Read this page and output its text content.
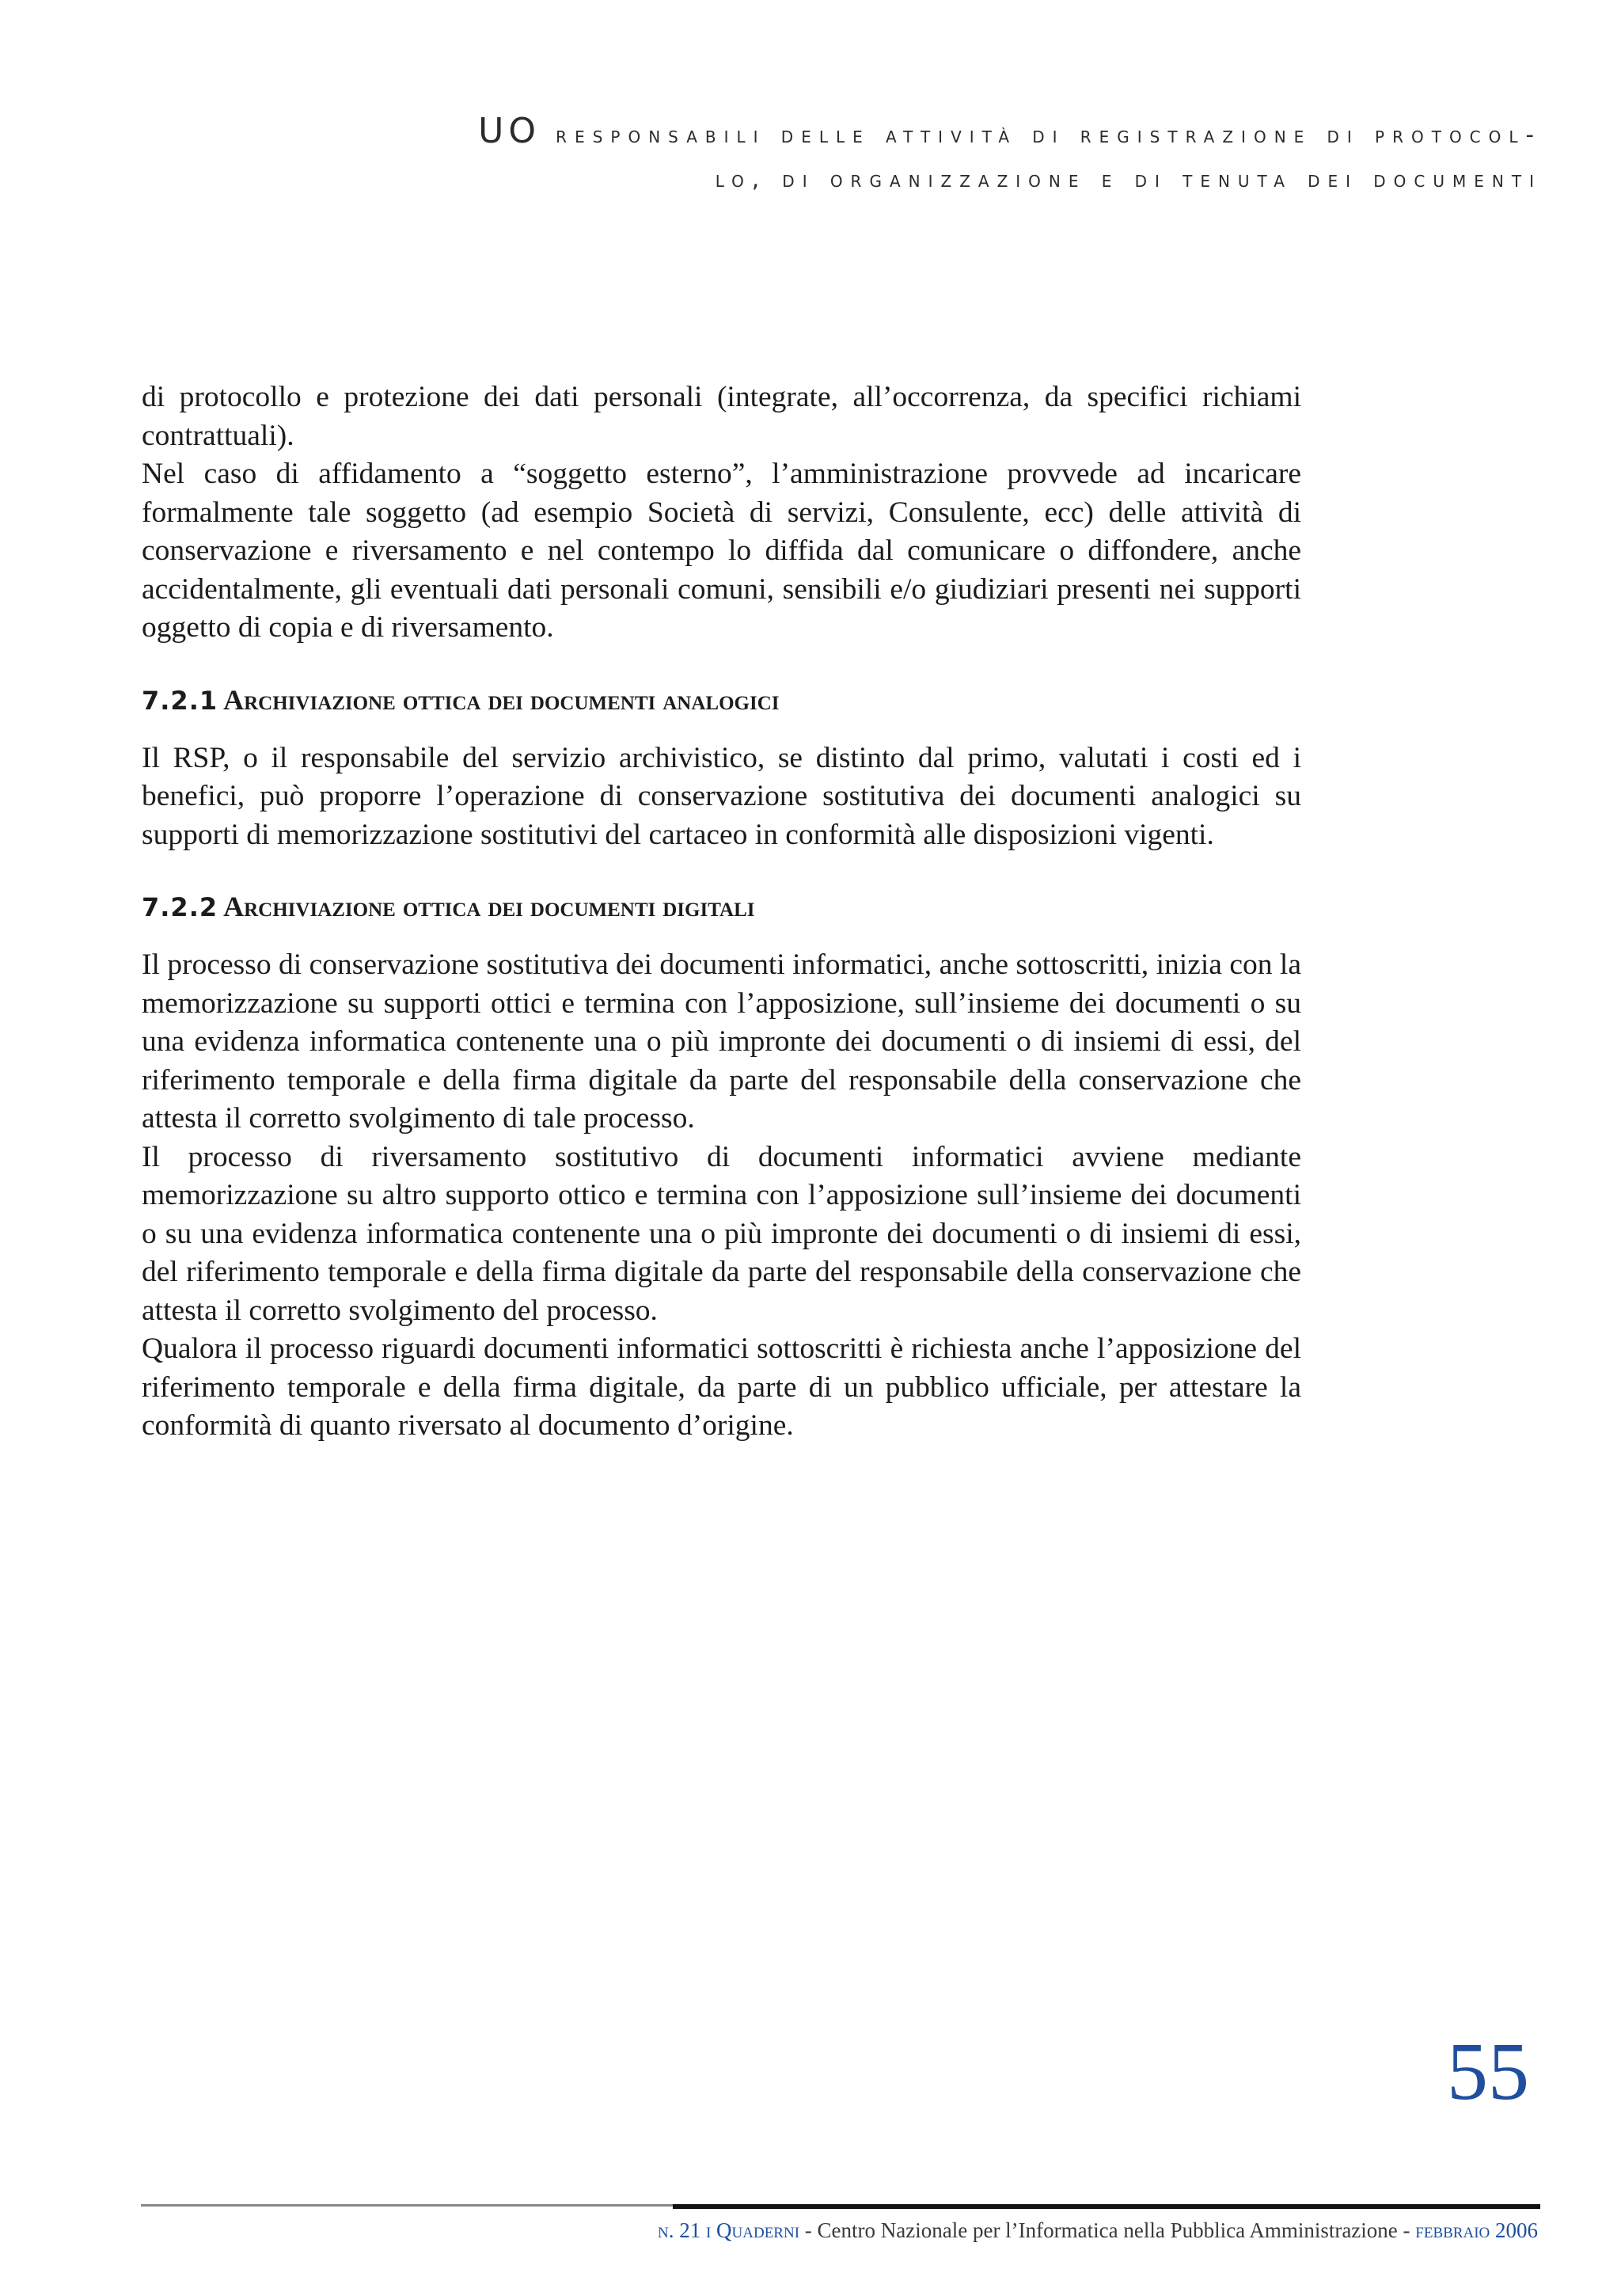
UO responsabili delle attività di registrazione di protocol-
lo, di organizzazione e di tenuta dei documenti

di protocollo e protezione dei dati personali (integrate, all’occorrenza, da specifici richiami contrattuali).

Nel caso di affidamento a “soggetto esterno”, l’amministrazione provvede ad incaricare formalmente tale soggetto (ad esempio Società di servizi, Consulente, ecc) delle attività di conservazione e riversamento e nel contempo lo diffida dal comunicare o diffondere, anche accidentalmente, gli eventuali dati personali comuni, sensibili e/o giudiziari presenti nei supporti oggetto di copia e di riversamento.

7.2.1 Archiviazione ottica dei documenti analogici

Il RSP, o il responsabile del servizio archivistico, se distinto dal primo, valutati i costi ed i benefici, può proporre l’operazione di conservazione sostitutiva dei documenti analogici su supporti di memorizzazione sostitutivi del cartaceo in conformità alle disposizioni vigenti.

7.2.2 Archiviazione ottica dei documenti digitali

Il processo di conservazione sostitutiva dei documenti informatici, anche sottoscritti, inizia con la memorizzazione su supporti ottici e termina con l’apposizione, sull’insieme dei documenti o su una evidenza informatica contenente una o più impronte dei documenti o di insiemi di essi, del riferimento temporale e della firma digitale da parte del responsabile della conservazione che attesta il corretto svolgimento di tale processo.

Il processo di riversamento sostitutivo di documenti informatici avviene mediante memorizzazione su altro supporto ottico e termina con l’apposizione sull’insieme dei documenti o su una evidenza informatica contenente una o più impronte dei documenti o di insiemi di essi, del riferimento temporale e della firma digitale da parte del responsabile della conservazione che attesta il corretto svolgimento del processo.

Qualora il processo riguardi documenti informatici sottoscritti è richiesta anche l’apposizione del riferimento temporale e della firma digitale, da parte di un pubblico ufficiale, per attestare la conformità di quanto riversato al documento d’origine.

55
n. 21 i Quaderni - Centro Nazionale per l’Informatica nella Pubblica Amministrazione - febbraio 2006
